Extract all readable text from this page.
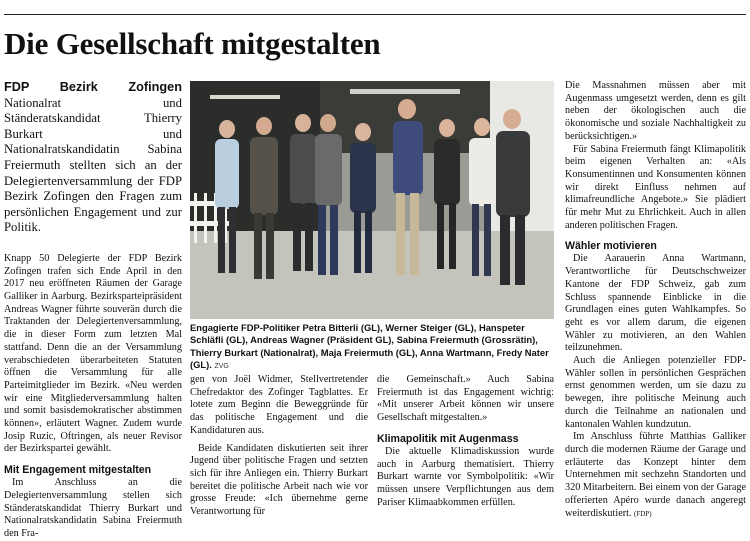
Die Gesellschaft mitgestalten

FDP Bezirk Zofingen Nationalrat und Ständeratskandidat Thierry Burkart und Nationalratskandidatin Sabina Freiermuth stellten sich an der Delegiertenversammlung der FDP Bezirk Zofingen den Fragen zum persönlichen Engagement und zur Politik.

Knapp 50 Delegierte der FDP Bezirk Zofingen trafen sich Ende April in den 2017 neu eröffneten Räumen der Garage Galliker in Aarburg. Bezirksparteipräsident Andreas Wagner führte souverän durch die Traktanden der Delegiertenversammlung, die in dieser Form zum letzten Mal stattfand. Denn die an der Versammlung verabschiedeten überarbeiteten Statuten öffnen die Versammlung für alle Parteimitglieder im Bezirk. «Neu werden wir eine Mitgliederversammlung halten und somit basisdemokratischer abstimmen können», erläutert Wagner. Zudem wurde Josip Ruzic, Oftringen, als neuer Revisor der Bezirkspartei gewählt.

Mit Engagement mitgestalten

Im Anschluss an die Delegiertenversammlung stellen sich Ständeratskandidat Thierry Burkart und Nationalratskandidatin Sabina Freiermuth den Fra-

Engagierte FDP-Politiker Petra Bitterli (GL), Werner Steiger (GL), Hanspeter Schläfli (GL), Andreas Wagner (Präsident GL), Sabina Freiermuth (Grossrätin), Thierry Burkart (Nationalrat), Maja Freiermuth (GL), Anna Wartmann, Fredy Nater (GL). ZVG

gen von Joël Widmer, Stellvertretender Chefredaktor des Zofinger Tagblattes. Er lotete zum Beginn die Beweggründe für das politische Engagement und die Kandidaturen aus.

Beide Kandidaten diskutierten seit ihrer Jugend über politische Fragen und setzten sich für ihre Anliegen ein. Thierry Burkart bereitet die politische Arbeit nach wie vor grosse Freude: «Ich übernehme gerne Verantwortung für

die Gemeinschaft.» Auch Sabina Freiermuth ist das Engagement wichtig: «Mit unserer Arbeit können wir unsere Gesellschaft mitgestalten.»

Klimapolitik mit Augenmass

Die aktuelle Klimadiskussion wurde auch in Aarburg thematisiert. Thierry Burkart warnte vor Symbolpolitik: «Wir müssen unsere Verpflichtungen aus dem Pariser Klimaabkommen erfüllen.

Die Massnahmen müssen aber mit Augenmass umgesetzt werden, denn es gilt neben der ökologischen auch die ökonomische und soziale Nachhaltigkeit zu berücksichtigen.»

Für Sabina Freiermuth fängt Klimapolitik beim eigenen Verhalten an: «Als Konsumentinnen und Konsumenten können wir direkt Einfluss nehmen auf klimafreundliche Angebote.» Sie plädiert für mehr Mut zu Ehrlichkeit. Auch in allen anderen politischen Fragen.

Wähler motivieren

Die Aarauerin Anna Wartmann, Verantwortliche für Deutschschweizer Kantone der FDP Schweiz, gab zum Schluss spannende Einblicke in die Grundlagen eines guten Wahlkampfes. So geht es vor allem darum, die eigenen Wähler zu motivieren, an den Wahlen teilzunehmen.

Auch die Anliegen potenzieller FDP-Wähler sollen in persönlichen Gesprächen ernst genommen werden, um sie dazu zu bewegen, ihre politische Meinung auch durch die Teilnahme an nationalen und kantonalen Wahlen kundzutun.

Im Anschluss führte Matthias Galliker durch die modernen Räume der Garage und erläuterte das Konzept hinter dem Unternehmen mit sechzehn Standorten und 320 Mitarbeitern. Bei einem von der Garage offerierten Apéro wurde danach angeregt weiterdiskutiert. (FDP)
